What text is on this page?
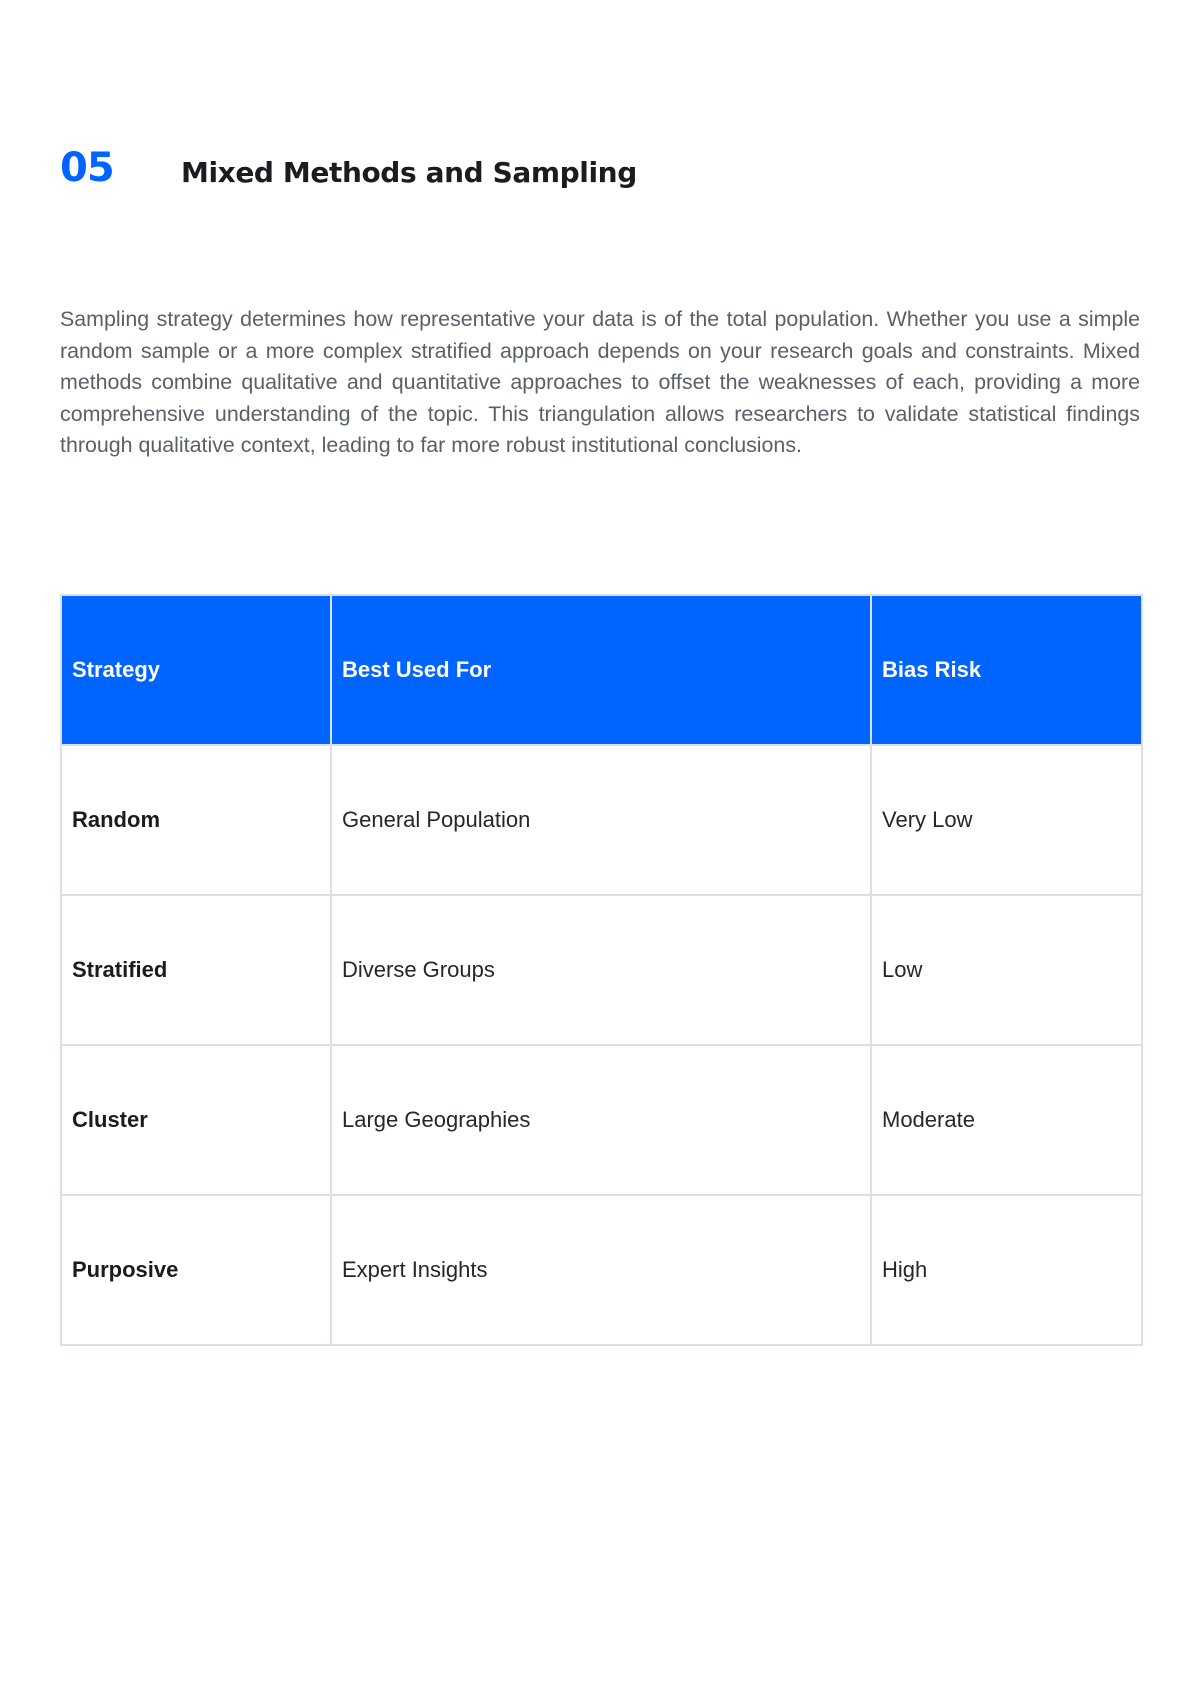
05 Mixed Methods and Sampling

Sampling strategy determines how representative your data is of the total population. Whether you use a simple random sample or a more complex stratified approach depends on your research goals and constraints. Mixed methods combine qualitative and quantitative approaches to offset the weaknesses of each, providing a more comprehensive understanding of the topic. This triangulation allows researchers to validate statistical findings through qualitative context, leading to far more robust institutional conclusions.

Strategy	Best Used For	Bias Risk
Random	General Population	Very Low
Stratified	Diverse Groups	Low
Cluster	Large Geographies	Moderate
Purposive	Expert Insights	High
